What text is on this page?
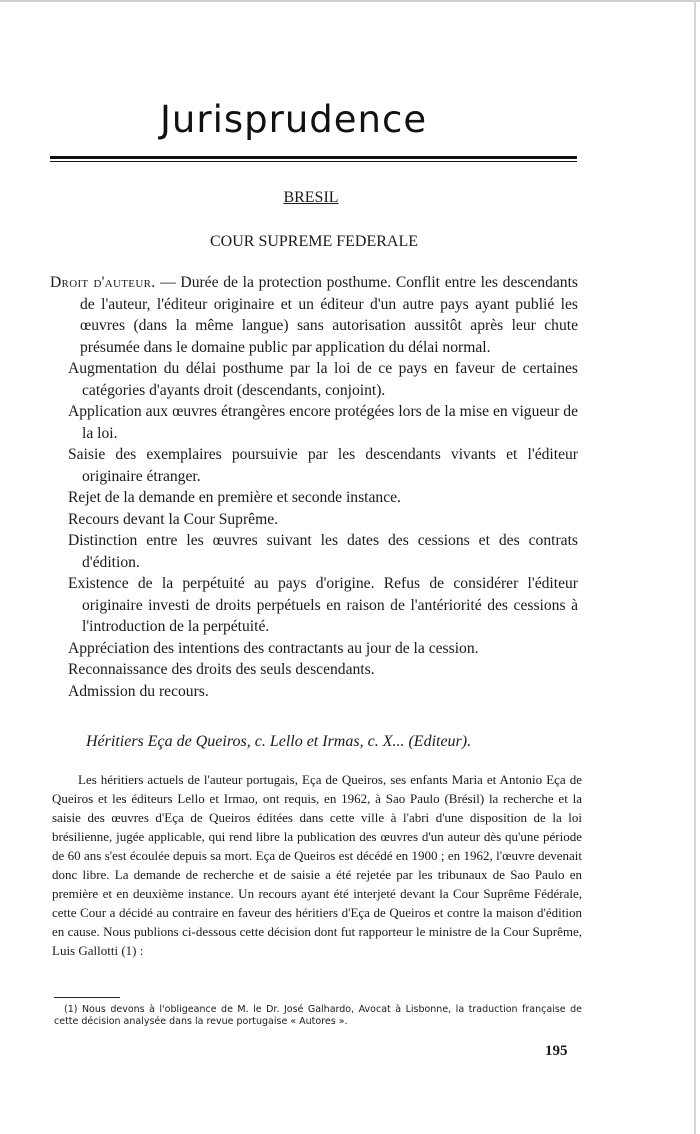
Jurisprudence
BRESIL
COUR SUPREME FEDERALE

Droit d'auteur. — Durée de la protection posthume. Conflit entre les descendants de l'auteur, l'éditeur originaire et un éditeur d'un autre pays ayant publié les œuvres (dans la même langue) sans autorisation aussitôt après leur chute présumée dans le domaine public par application du délai normal.

Augmentation du délai posthume par la loi de ce pays en faveur de certaines catégories d'ayants droit (descendants, conjoint).

Application aux œuvres étrangères encore protégées lors de la mise en vigueur de la loi.

Saisie des exemplaires poursuivie par les descendants vivants et l'éditeur originaire étranger.

Rejet de la demande en première et seconde instance.

Recours devant la Cour Suprême.

Distinction entre les œuvres suivant les dates des cessions et des contrats d'édition.

Existence de la perpétuité au pays d'origine. Refus de considérer l'éditeur originaire investi de droits perpétuels en raison de l'antériorité des cessions à l'introduction de la perpétuité.

Appréciation des intentions des contractants au jour de la cession.

Reconnaissance des droits des seuls descendants.

Admission du recours.

Héritiers Eça de Queiros, c. Lello et Irmas, c. X... (Editeur).

Les héritiers actuels de l'auteur portugais, Eça de Queiros, ses enfants Maria et Antonio Eça de Queiros et les éditeurs Lello et Irmao, ont requis, en 1962, à Sao Paulo (Brésil) la recherche et la saisie des œuvres d'Eça de Queiros éditées dans cette ville à l'abri d'une disposition de la loi brésilienne, jugée applicable, qui rend libre la publication des œuvres d'un auteur dès qu'une période de 60 ans s'est écoulée depuis sa mort. Eça de Queiros est décédé en 1900 ; en 1962, l'œuvre devenait donc libre. La demande de recherche et de saisie a été rejetée par les tribunaux de Sao Paulo en première et en deuxième instance. Un recours ayant été interjeté devant la Cour Suprême Fédérale, cette Cour a décidé au contraire en faveur des héritiers d'Eça de Queiros et contre la maison d'édition en cause. Nous publions ci-dessous cette décision dont fut rapporteur le ministre de la Cour Suprême, Luis Gallotti (1) :

(1) Nous devons à l'obligeance de M. le Dr. José Galhardo, Avocat à Lisbonne, la traduction française de cette décision analysée dans la revue portugaise « Autores ».

195
